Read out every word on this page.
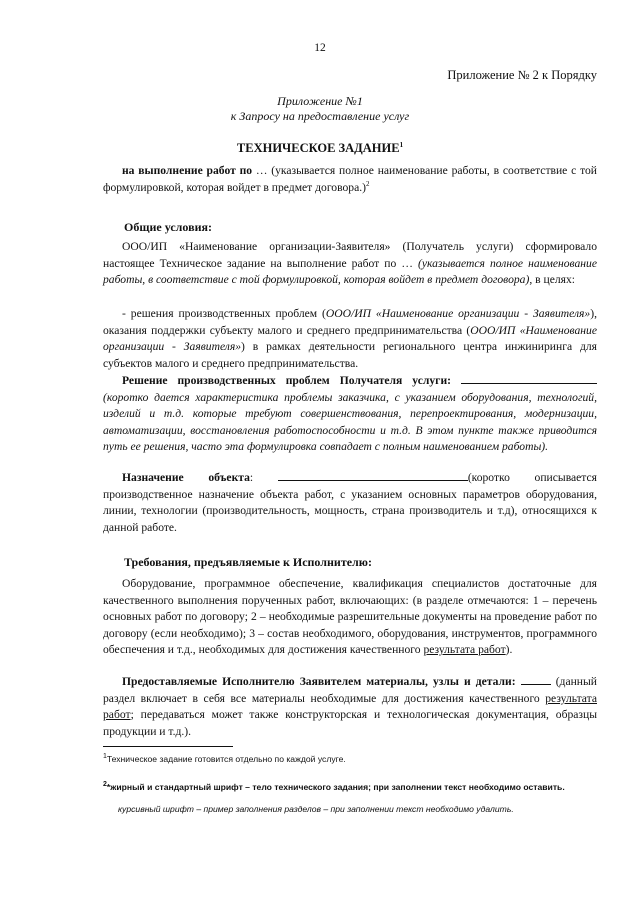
12
Приложение № 2 к Порядку
Приложение №1
к Запросу на предоставление услуг
ТЕХНИЧЕСКОЕ ЗАДАНИЕ$^1$
на выполнение работ по … (указывается полное наименование работы, в соответствие с той формулировкой, которая войдет в предмет договора.)$^2$
Общие условия:
ООО/ИП «Наименование организации-Заявителя» (Получатель услуги) сформировало настоящее Техническое задание на выполнение работ по … (указывается полное наименование работы, в соответствие с той формулировкой, которая войдет в предмет договора), в целях:
- решения производственных проблем (ООО/ИП «Наименование организации - Заявителя»), оказания поддержки субъекту малого и среднего предпринимательства (ООО/ИП «Наименование организации - Заявителя») в рамках деятельности регионального центра инжиниринга для субъектов малого и среднего предпринимательства.
Решение производственных проблем Получателя услуги:  (коротко дается характеристика проблемы заказчика, с указанием оборудования, технологий, изделий и т.д. которые требуют совершенствования, перепроектирования, модернизации, автоматизации, восстановления работоспособности и т.д. В этом пункте также приводится путь ее решения, часто эта формулировка совпадает с полным наименованием работы).
Назначение объекта:	(коротко описывается производственное назначение объекта работ, с указанием основных параметров оборудования, линии, технологии (производительность, мощность, страна производитель и т.д), относящихся к данной работе.
Требования, предъявляемые к Исполнителю:
Оборудование, программное обеспечение, квалификация специалистов достаточные для качественного выполнения порученных работ, включающих: (в разделе отмечаются: 1 – перечень основных работ по договору; 2 – необходимые разрешительные документы на проведение работ по договору (если необходимо); 3 – состав необходимого, оборудования, инструментов, программного обеспечения и т.д., необходимых для достижения качественного результата работ).
Предоставляемые Исполнителю Заявителем материалы, узлы и детали:	(данный раздел включает в себя все материалы необходимые для достижения качественного результата работ; передаваться может также конструкторская и технологическая документация, образцы продукции и т.д.).
$^1$Техническое задание готовится отдельно по каждой услуге.
$^2$*жирный и стандартный шрифт – тело технического задания; при заполнении текст необходимо оставить.
курсивный шрифт – пример заполнения разделов – при заполнении текст необходимо удалить.
